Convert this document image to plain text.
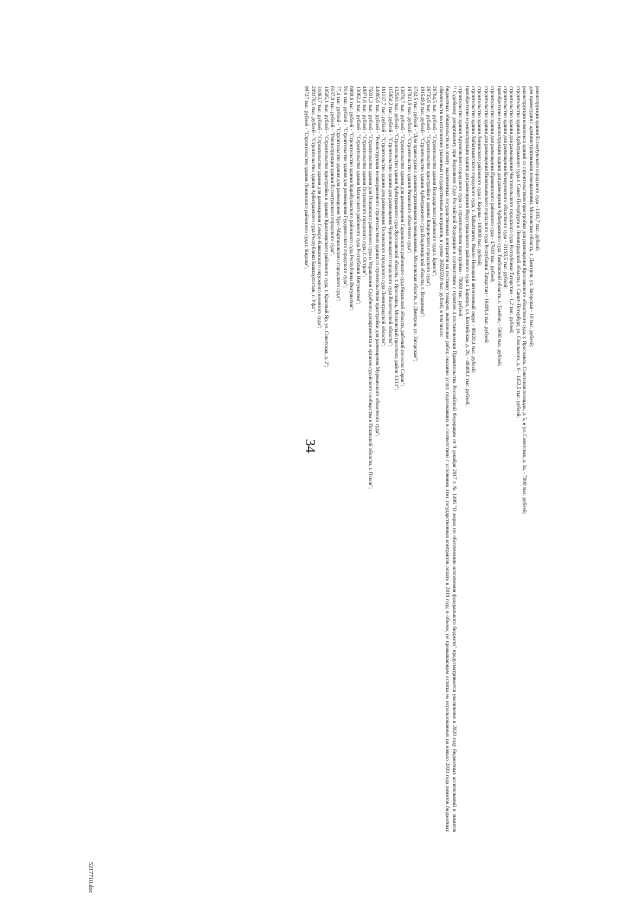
34
реконструкция здания Ессентукского городского суда - 1193,7 тыс. рублей;
дом правосудия с административными помещениями, Московская область, г. Дмитров, ул. Загорская - 10 тыс. рублей;
реконструкция комплекса зданий со строительством пристройки для размещения Ярославского областного суда, г. Ярославль, Советская площадь, д. 5, и ул. Советская, д. 3а, - 7000 тыс. рублей;
строительство здания Арбитражного суда г. Санкт-Петербурга и Ленинградской области, г. Санкт-Петербург, ул. Смольного, д. 6 - 1452,5 тыс. рублей;
строительство здания для размещения Чистопольского городского суда Республики Татарстан - 1,2 тыс. рублей;
строительство здания для размещения Кемеровского областного суда - 31193,5 тыс. рублей;
приобретение и реконструкция здания для размещения Арбитражного суда Тамбовской области, г. Тамбов, - 5000 тыс. рублей;
строительство здания для размещения Пряжинского районного суда - 47830 тыс. рублей;
строительство здания для размещения Нижнекамского городского суда Республики Татарстан - 18499,4 тыс. рублей;
строительство здания Ленинского районного суда г. Кирова - 100000 тыс. рублей;
строительство здания Лабытнангского городского суда, г. Лабытнанги, Ямало-Ненецкий автономный округ - 86420,4 тыс. рублей;
приобретение и реконструкция здания для размещения Индустриального районного суда г. Барнаул, ул. Балтийская, д. 28, - 46469,1 тыс. рублей;
строительство здания Артемовского городского суда со строительством пристройки - 70000 тыс. рублей.
¹¹ Судебному департаменту при Верховном Суде Российской Федерации в соответствии с пунктом 4 постановления Правительства Российской Федерации от 9 декабря 2017 г. № 1496 "О мерах по обеспечению исполнения федерального бюджета" предусматривается увеличение в 2020 году бюджетных ассигнований и лимитов бюджетных обязательств на оплату заключенных государственных контрактов на поставку товаров, выполнение работ, оказание услуг, подлежавших в соответствии с условиями этих государственных контрактов оплате в 2019 году, в объеме, не превышающем остатка не использованных на начало 2020 года лимитов бюджетных обязательств на исполнение указанных государственных контрактов, в сумме 3859259,6 тыс. рублей, в том числе:
26764,5 тыс. рублей - "Строительство здания Володарского районного суда г. Брянск";
28735,6 тыс. рублей - "Строительство пристройки к зданию Ковровского городского суда";
191549,9 тыс. рублей - "Строительство здания Арбитражного суда Владимирской области, г. Владимир";
3742,5 тыс. рублей - "Дом правосудия с административными помещениями, Московская область, г. Дмитров, ул. Загорская";
187821,9 тыс. рублей - "Строительство здания Рязанского областного суда";
13878,7 тыс. рублей - "Строительство здания для размещения Сараевского районного суда Рязанской области, рабочий поселок Сараи";
132583 тыс. рублей - "Строительство здания Арбитражного суда Ярославской области, г. Ярославль, Московский проспект, район 13/11";
115950,2 тыс. рублей - "Строительство здания для размещения Череповецкого городского суда Вологодской области";
161137,7 тыс. рублей - "Строительство здания для размещения Тосненского городского суда Ленинградской области";
44085,6 тыс. рублей - "Реконструкция незавершенного строительством здания со строительством пристройки для размещения Мурманского областного суда";
75031,2 тыс. рублей - "Строительство здания для Псковского районного суда и Управления Судебного департамента и органов судейского сообщества в Псковской области, г. Псков";
48971,6 тыс. рублей - "Строительство здания Островского городского суда, г. Остров";
13062,4 тыс. рублей - "Строительство здания Магасского районного суда Республики Ингушетия";
6969,6 тыс. рублей - "Строительство здания Карабулакского районного суда Республики Ингушетия";
91,6 тыс. рублей - "Строительство здания для размещения Гудермесского городского суда";
77,4 тыс. рублей - "Строительство здания для размещения Урус-Мартановского городского суда";
6137,9 тыс. рублей - "Реконструкция здания Ессентукского городского суда";
10505,1 тыс. рублей - "Строительство пристройки к зданию Красноярского районного суда, г. Красный Яр, ул. Советская, д. 2";
31083,7 тыс. рублей - "Строительство здания для размещения Северо-Кавказского окружного военного суда";
209178,5 тыс. рублей - "Строительство здания Арбитражного суда Республики Башкортостан, г. Уфа";
99727 тыс. рублей - "Строительство здания Ленинского районного суда г. Кирова";
5217710.doc
